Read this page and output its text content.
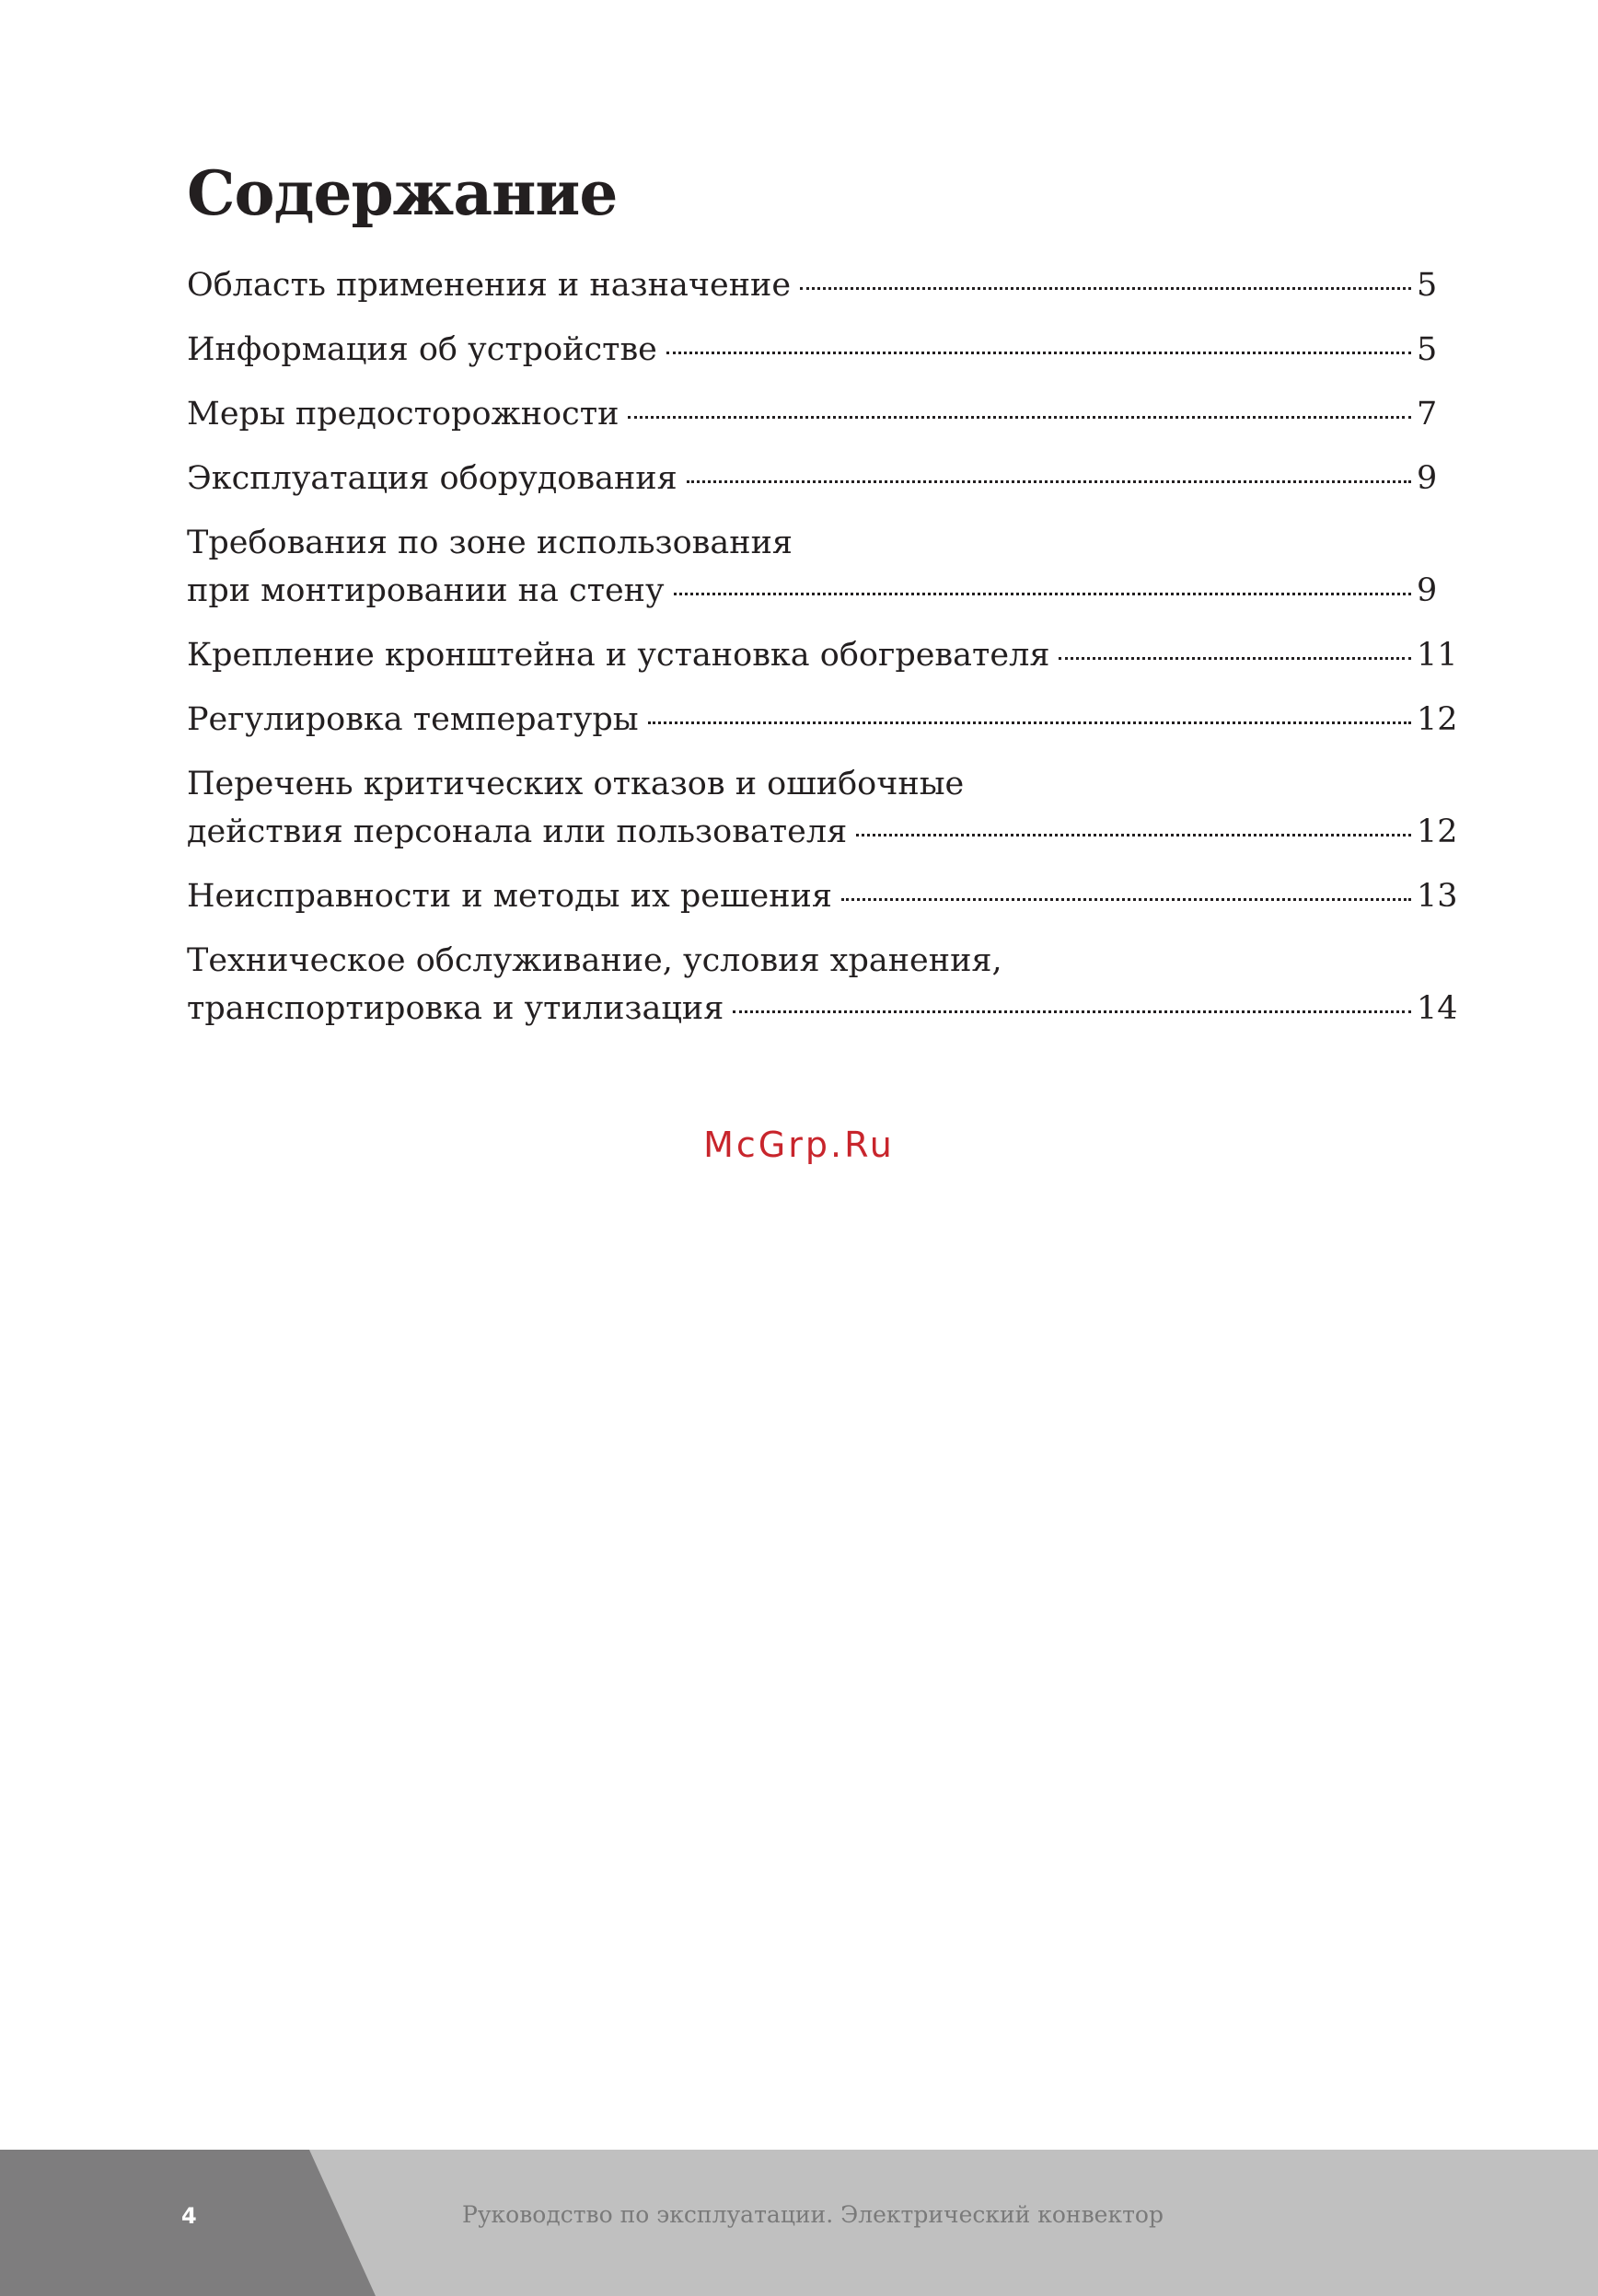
Содержание
Область применения и назначение	5
Информация об устройстве	5
Меры предосторожности	7
Эксплуатация оборудования	9
Требования по зоне использования
при монтировании на стену	9
Крепление кронштейна и установка обогревателя	11
Регулировка температуры	12
Перечень критических отказов и ошибочные
действия персонала или пользователя	12
Неисправности и методы их решения	13
Техническое обслуживание, условия хранения,
транспортировка и утилизация	14
McGrp.Ru
4	Руководство по эксплуатации. Электрический конвектор
